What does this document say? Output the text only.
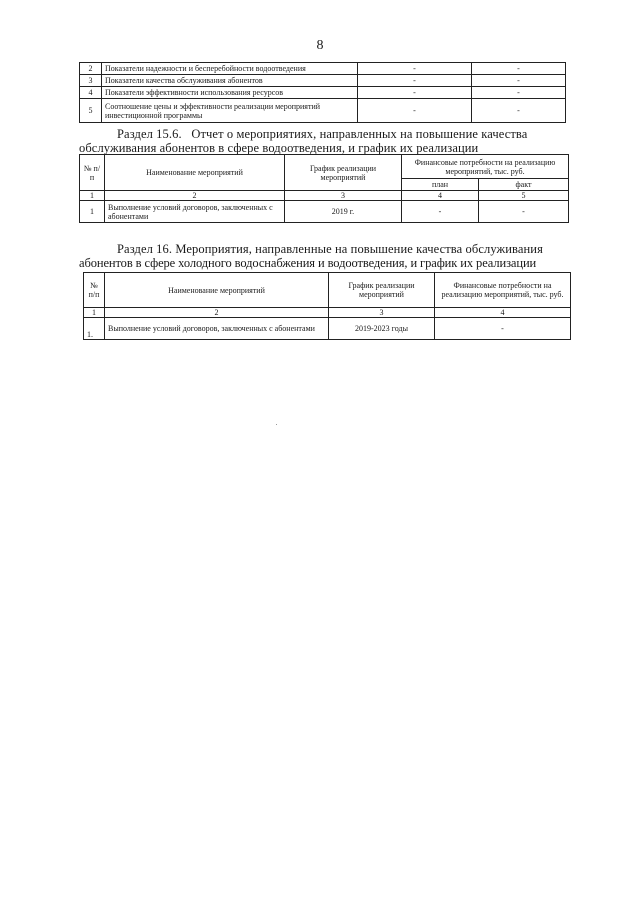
8
2	Показатели надежности и бесперебойности водоотведения	-	-
3	Показатели качества обслуживания абонентов	-	-
4	Показатели эффективности использования ресурсов	-	-
5	Соотношение цены и эффективности реализации мероприятий инвестиционной программы	-	-
Раздел 15.6.   Отчет о мероприятиях, направленных на повышение качества
обслуживания абонентов в сфере водоотведения, и график их реализации
№ п/п	Наименование мероприятий	График реализации мероприятий	Финансовые потребности на реализацию мероприятий, тыс. руб.	
			план	факт
1	2	3	4	5
1	Выполнение условий договоров, заключенных с абонентами	2019 г.	-	-
Раздел 16. Мероприятия, направленные на повышение качества обслуживания
абонентов в сфере холодного водоснабжения и водоотведения, и график их реализации
№ п/п	Наименование мероприятий	График реализации мероприятий	Финансовые потребности на реализацию мероприятий, тыс. руб.
1	2	3	4
1.	Выполнение условий договоров, заключенных с абонентами	2019-2023 годы	-
